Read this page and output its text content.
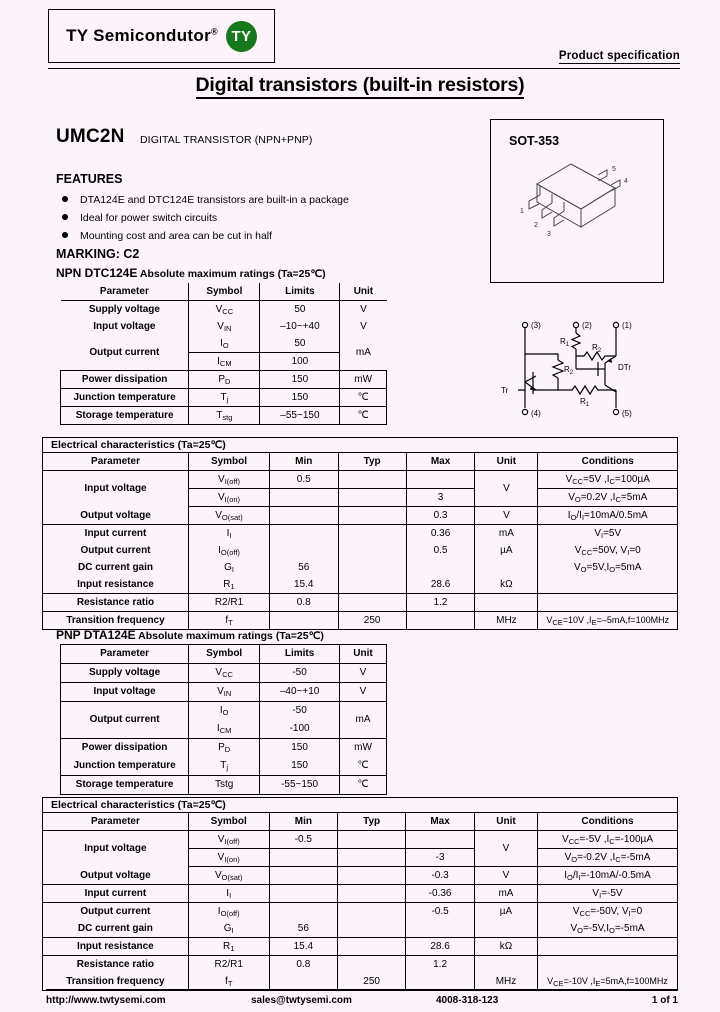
TY Semicondutor® TY
Product specification
Digital transistors (built-in resistors)
UMC2N DIGITAL TRANSISTOR (NPN+PNP)
FEATURES
DTA124E and DTC124E transistors are built-in a package
Ideal for power switch circuits
Mounting cost and area can be cut in half
MARKING: C2
NPN DTC124E Absolute maximum ratings (Ta=25℃)
Parameter	Symbol	Limits	Unit
Supply voltage	$V_{CC}$	50	V
Input voltage	$V_{IN}$	–10~+40	V
Output current	$I_O$	50	mA
	$I_{CM}$	100	
Power dissipation	$P_D$	150	mW
Junction temperature	$T_j$	150	℃
Storage temperature	$T_{stg}$	–55~150	℃
Electrical characteristics (Ta=25℃)
Parameter	Symbol	Min	Typ	Max	Unit	Conditions
Input voltage	$V_{I(off)}$	0.5			V	$V_{CC}=5V$ $,I_C=100\mu A$
	$V_{I(on)}$			3		$V_O=0.2V$ $,I_C=5mA$
Output voltage	$V_{O(sat)}$			0.3	V	$I_O/I_I=10mA/0.5mA$
Input current	$I_I$			0.36	mA	$V_I=5V$
Output current	$I_{O(off)}$			0.5	µA	$V_{CC}=50V$, $V_I=0$
DC current gain	$G_I$	56				$V_O=5V,I_O=5mA$
Input resistance	$R_1$	15.4		28.6	kΩ	
Resistance ratio	R2/R1	0.8		1.2		
Transition frequency	$f_T$		250		MHz	$V_{CE}=10V$ $,I_E=-5mA,f=100MHz$
PNP DTA124E Absolute maximum ratings (Ta=25℃)
Parameter	Symbol	Limits	Unit
Supply voltage	$V_{CC}$	-50	V
Input voltage	$V_{IN}$	–40~+10	V
Output current	$I_O$	-50	mA
	$I_{CM}$	-100	
Power dissipation	$P_D$	150	mW
Junction temperature	$T_j$	150	℃
Storage temperature	Tstg	-55~150	℃
Electrical characteristics (Ta=25℃)
Parameter	Symbol	Min	Typ	Max	Unit	Conditions
Input voltage	$V_{I(off)}$	-0.5			V	$V_{CC}=-5V$ $,I_C=-100\mu A$
	$V_{I(on)}$			-3		$V_O=-0.2V$ $,I_C=-5mA$
Output voltage	$V_{O(sat)}$			-0.3	V	$I_O/I_I=-10mA/-0.5mA$
Input current	$I_I$			-0.36	mA	$V_I=-5V$
Output current	$I_{O(off)}$			-0.5	µA	$V_{CC}=-50V$, $V_I=0$
DC current gain	$G_I$	56				$V_O=-5V,I_O=-5mA$
Input resistance	$R_1$	15.4		28.6	kΩ	
Resistance ratio	R2/R1	0.8		1.2		
Transition frequency	$f_T$		250		MHz	$V_{CE}=-10V$ $,I_E=5mA,f=100MHz$
SOT-353
1
2
3
4
5
(3)	(2)	(1)
(4)	(5)
$R_1$	$R_2$
$R_2$
$R_1$
DTr
Tr
http://www.twtysemi.com	sales@twtysemi.com	4008-318-123	1 of 1
